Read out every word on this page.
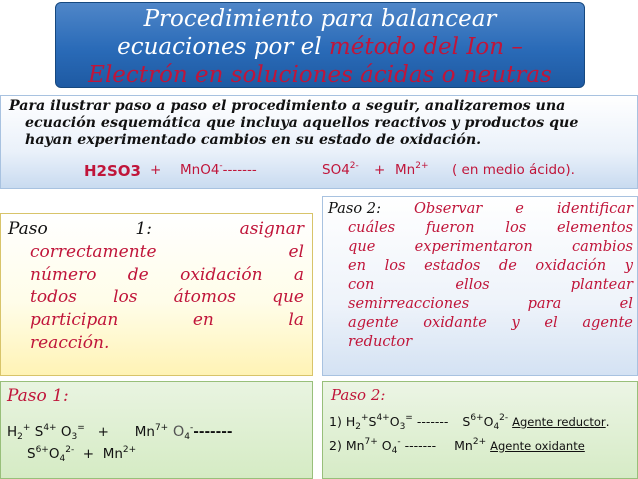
Procedimiento para balancear
ecuaciones por el método del Ion –
Electrón en soluciones ácidas o neutras
Para ilustrar paso a paso el procedimiento a seguir, analizaremos una
ecuación esquemática que incluya aquellos reactivos y productos que
hayan experimentado cambios en su estado de oxidación.
H2SO3 + MnO4--------	$SO4^{2-} + Mn^{2+}$ ( en medio ácido).
Paso	1:	asignar
correctamente	el
número de oxidación a
todos los átomos que
participan	en	la
reacción.
Paso 2: Observar e identificar
cuáles fueron los elementos
que	experimentaron	cambios
en los estados de oxidación y
con	ellos	plantear
semirreacciones	para	el
agente oxidante y el agente
reductor
Paso 1:
$H_2^+$ $S^{4+}$ $O_3^=$   +      $Mn^{7+}$ $O_4^--------$
$S^{6+}O_4^{2-} + Mn^{2+}$
Paso 2:
1) $H_2^+S^{4+}O_3^=$ ------- $S^{6+}O_4^{2-}$ Agente reductor.
2) $Mn^{7+}$ $O_4^-$ ------- $Mn^{2+}$ Agente oxidante
